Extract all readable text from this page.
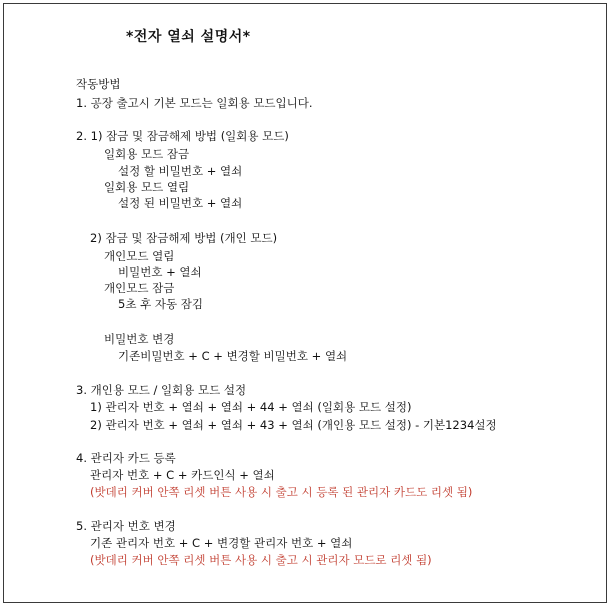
*전자 열쇠 설명서*
작동방법
1. 공장 출고시 기본 모드는 일회용 모드입니다.
2. 1) 잠금 및 잠금해제 방법 (일회용 모드)
일회용 모드 잠금
설정 할 비밀번호 + 열쇠
일회용 모드 열림
설정 된 비밀번호 + 열쇠
2) 잠금 및 잠금해제 방법 (개인 모드)
개인모드 열림
비밀번호 + 열쇠
개인모드 잠금
5초 후 자동 잠김
비밀번호 변경
기존비밀번호 + C + 변경할 비밀번호 + 열쇠
3. 개인용 모드 / 일회용 모드 설정
1) 관리자 번호 + 열쇠 + 열쇠 + 44 + 열쇠 (일회용 모드 설정)
2) 관리자 번호 + 열쇠 + 열쇠 + 43 + 열쇠 (개인용 모드 설정) - 기본1234설정
4. 관리자 카드 등록
관리자 번호 + C + 카드인식 + 열쇠
(밧데리 커버 안쪽 리셋 버튼 사용 시 출고 시 등록 된 관리자 카드도 리셋 됨)
5. 관리자 번호 변경
기존 관리자 번호 + C + 변경할 관리자 번호 + 열쇠
(밧데리 커버 안쪽 리셋 버튼 사용 시 출고 시 관리자 모드로 리셋 됨)
